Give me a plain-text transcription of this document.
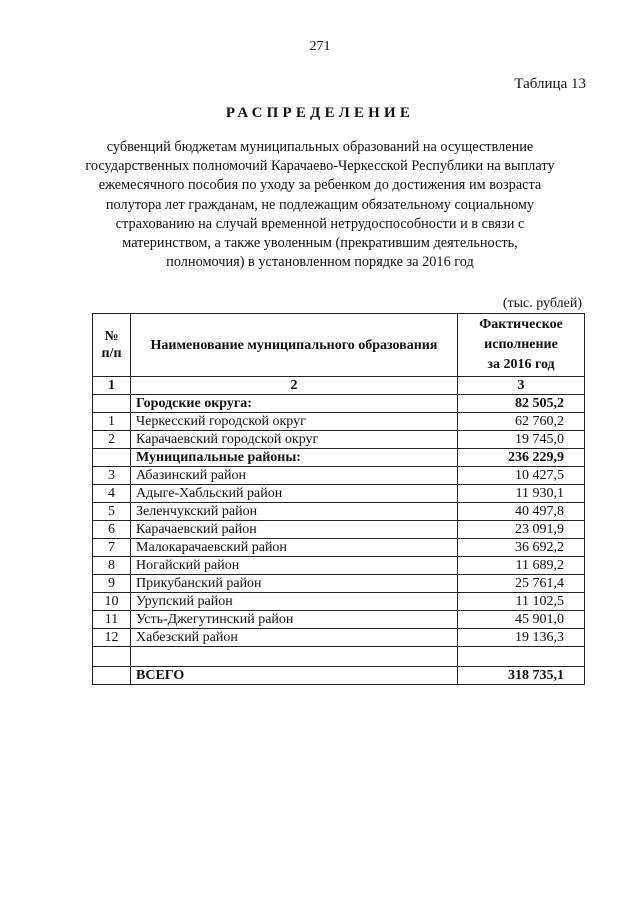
271
Таблица 13
РАСПРЕДЕЛЕНИЕ
субвенций бюджетам муниципальных образований на осуществление
государственных полномочий Карачаево-Черкесской Республики на выплату
ежемесячного пособия по уходу за ребенком до достижения им возраста
полутора лет гражданам, не подлежащим обязательному социальному
страхованию на случай временной нетрудоспособности и в связи с
материнством, а также уволенным (прекратившим деятельность,
полномочия) в установленном порядке за 2016 год
(тыс. рублей)
№ п/п	Наименование муниципального образования	Фактическое
исполнение
за 2016 год

1	2	3
	Городские округа:	82 505,2
1	Черкесский городской округ	62 760,2
2	Карачаевский городской округ	19 745,0
	Муниципальные районы:	236 229,9
3	Абазинский район	10 427,5
4	Адыге-Хабльский район	11 930,1
5	Зеленчукский район	40 497,8
6	Карачаевский район	23 091,9
7	Малокарачаевский район	36 692,2
8	Ногайский район	11 689,2
9	Прикубанский район	25 761,4
10	Урупский район	11 102,5
11	Усть-Джегутинский район	45 901,0
12	Хабезский район	19 136,3

	ВСЕГО	318 735,1
